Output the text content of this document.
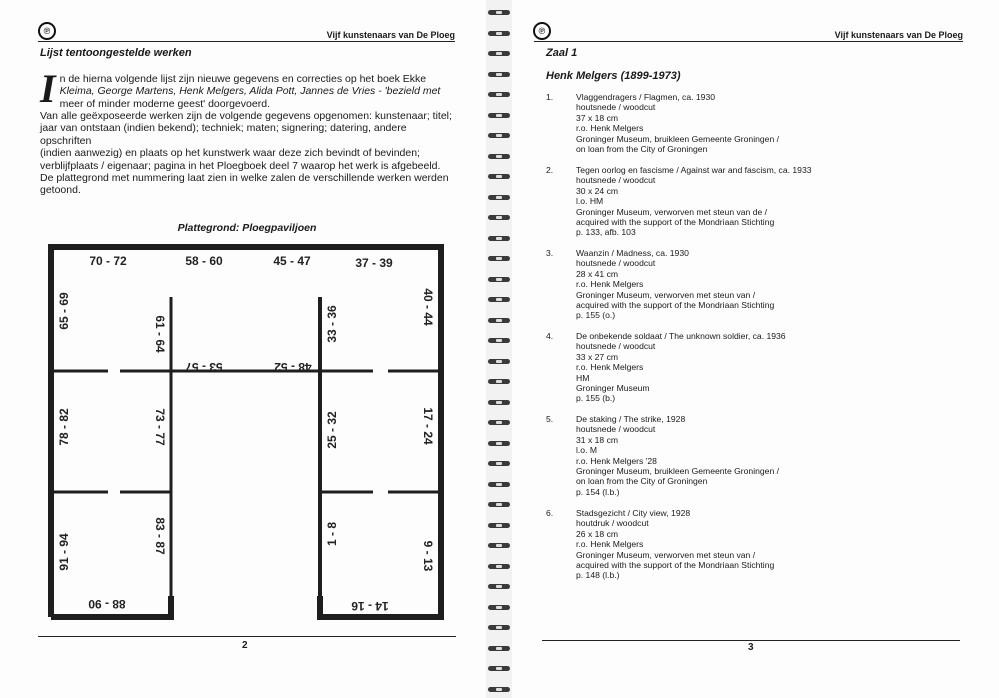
℗	Vijf kunstenaars van De Ploeg
Lijst tentoongestelde werken
I n de hierna volgende lijst zijn nieuwe gegevens en correcties op het boek Ekke
Kleima, George Martens, Henk Melgers, Alida Pott, Jannes de Vries - 'bezield met
meer of minder moderne geest' doorgevoerd.
Van alle geëxposeerde werken zijn de volgende gegevens opgenomen: kunstenaar; titel;
jaar van ontstaan (indien bekend); techniek; maten; signering; datering, andere opschriften
(indien aanwezig) en plaats op het kunstwerk waar deze zich bevindt of bevinden;
verblijfplaats / eigenaar; pagina in het Ploegboek deel 7 waarop het werk is afgebeeld.
De plattegrond met nummering laat zien in welke zalen de verschillende werken werden
getoond.
Plattegrond: Ploegpaviljoen
70 - 72	58 - 60	45 - 47	37 - 39
65 - 69
78 - 82
91 - 94
61 - 64
73 - 77
83 - 87
53 - 57	48 - 52
33 - 36
25 - 32
1 - 8
40 - 44
17 - 24
9 - 13
88 - 90	14 - 16
2
℗	Vijf kunstenaars van De Ploeg
Zaal 1
Henk Melgers (1899-1973)
1.	Vlaggendragers / Flagmen, ca. 1930
houtsnede / woodcut
37 x 18 cm
r.o. Henk Melgers
Groninger Museum, bruikleen Gemeente Groningen /
on loan from the City of Groningen
2.	Tegen oorlog en fascisme / Against war and fascism, ca. 1933
houtsnede / woodcut
30 x 24 cm
l.o. HM
Groninger Museum, verworven met steun van de /
acquired with the support of the Mondriaan Stichting
p. 133, afb. 103
3.	Waanzin / Madness, ca. 1930
houtsnede / woodcut
28 x 41 cm
r.o. Henk Melgers
Groninger Museum, verworven met steun van /
acquired with the support of the Mondriaan Stichting
p. 155 (o.)
4.	De onbekende soldaat / The unknown soldier, ca. 1936
houtsnede / woodcut
33 x 27 cm
r.o. Henk Melgers
HM
Groninger Museum
p. 155 (b.)
5.	De staking / The strike, 1928
houtsnede / woodcut
31 x 18 cm
l.o. M
r.o. Henk Melgers '28
Groninger Museum, bruikleen Gemeente Groningen /
on loan from the City of Groningen
p. 154 (l.b.)
6.	Stadsgezicht / City view, 1928
houtdruk / woodcut
26 x 18 cm
r.o. Henk Melgers
Groninger Museum, verworven met steun van /
acquired with the support of the Mondriaan Stichting
p. 148 (l.b.)
3
